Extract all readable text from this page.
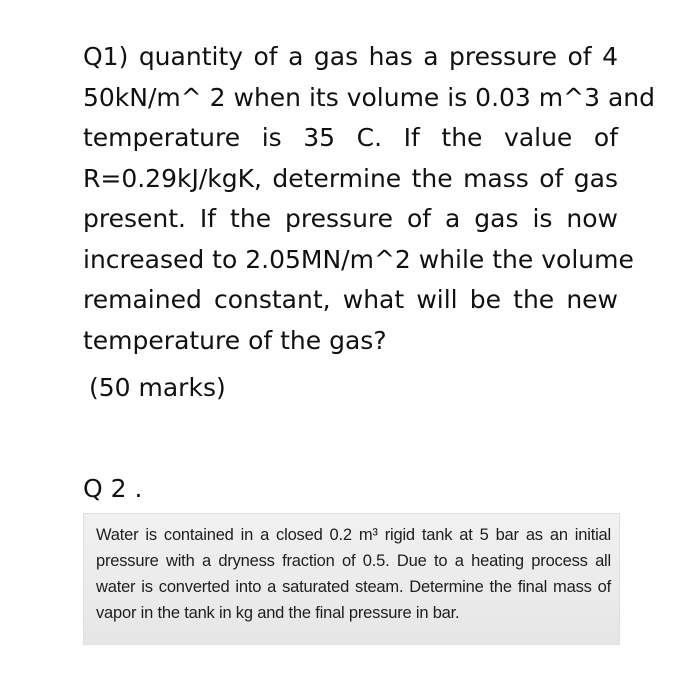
Q1) quantity of a gas has a pressure of 4
50kN/m^ 2 when its volume is 0.03 m^3 and
temperature is 35 C. If the value of
R=0.29kJ/kgK, determine the mass of gas
present. If the pressure of a gas is now
increased to 2.05MN/m^2 while the volume
remained constant, what will be the new
temperature of the gas?
(50 marks)
Q 2 .
Water is contained in a closed 0.2 m³ rigid tank at 5 bar as an initial
pressure with a dryness fraction of 0.5. Due to a heating process all
water is converted into a saturated steam. Determine the final mass of
vapor in the tank in kg and the final pressure in bar.
